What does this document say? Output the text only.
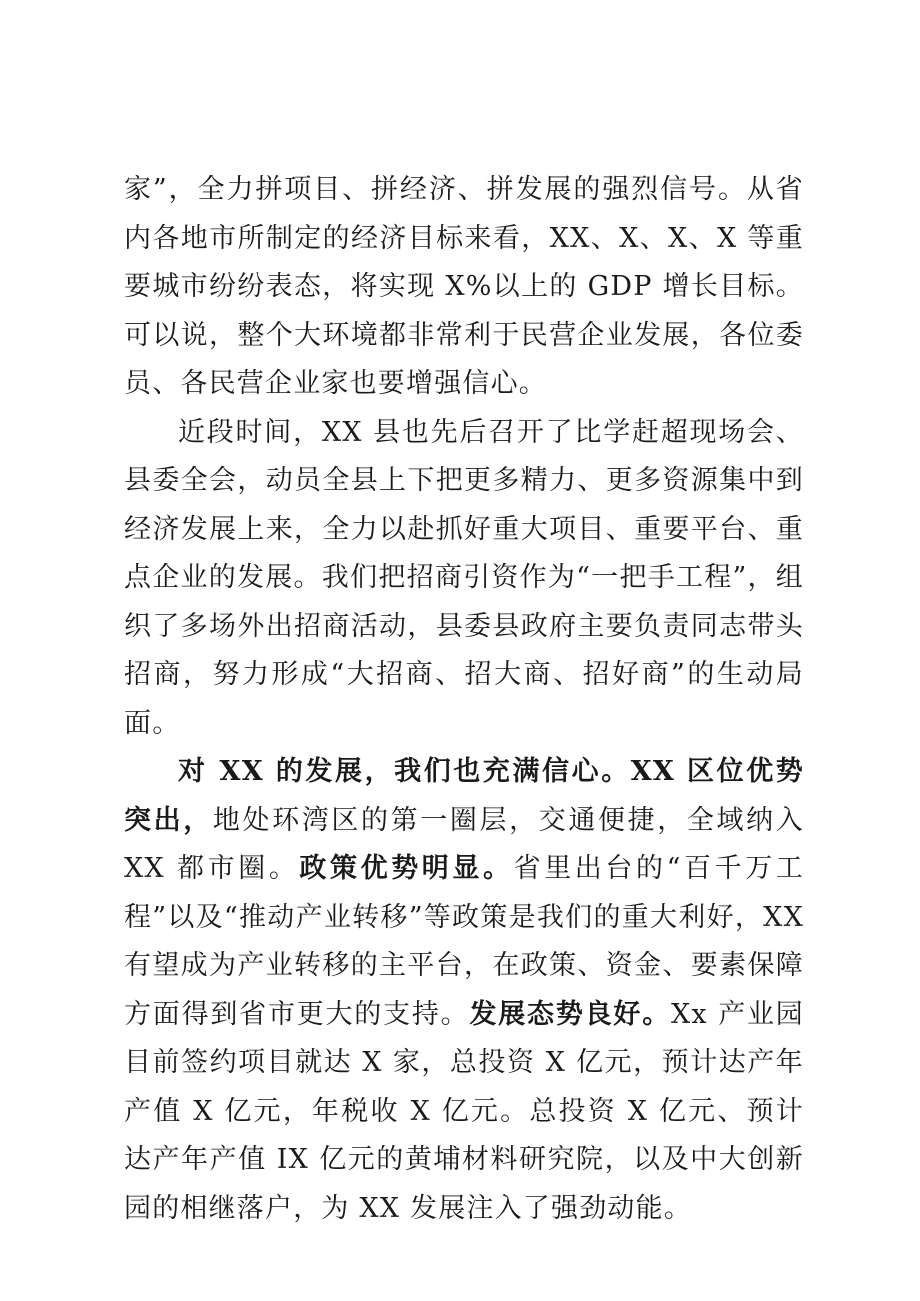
家”，全力拼项目、拼经济、拼发展的强烈信号。从省内各地市所制定的经济目标来看，XX、X、X、X 等重要城市纷纷表态，将实现 X%以上的 GDP 增长目标。可以说，整个大环境都非常利于民营企业发展，各位委员、各民营企业家也要增强信心。

近段时间，XX 县也先后召开了比学赶超现场会、县委全会，动员全县上下把更多精力、更多资源集中到经济发展上来，全力以赴抓好重大项目、重要平台、重点企业的发展。我们把招商引资作为“一把手工程”，组织了多场外出招商活动，县委县政府主要负责同志带头招商，努力形成“大招商、招大商、招好商”的生动局面。

对 XX 的发展，我们也充满信心。XX 区位优势突出，地处环湾区的第一圈层，交通便捷，全域纳入 XX 都市圈。政策优势明显。省里出台的“百千万工程”以及“推动产业转移”等政策是我们的重大利好，XX 有望成为产业转移的主平台，在政策、资金、要素保障方面得到省市更大的支持。发展态势良好。Xx 产业园目前签约项目就达 X 家，总投资 X 亿元，预计达产年产值 X 亿元，年税收 X 亿元。总投资 X 亿元、预计达产年产值 IX 亿元的黄埔材料研究院，以及中大创新园的相继落户，为 XX 发展注入了强劲动能。
